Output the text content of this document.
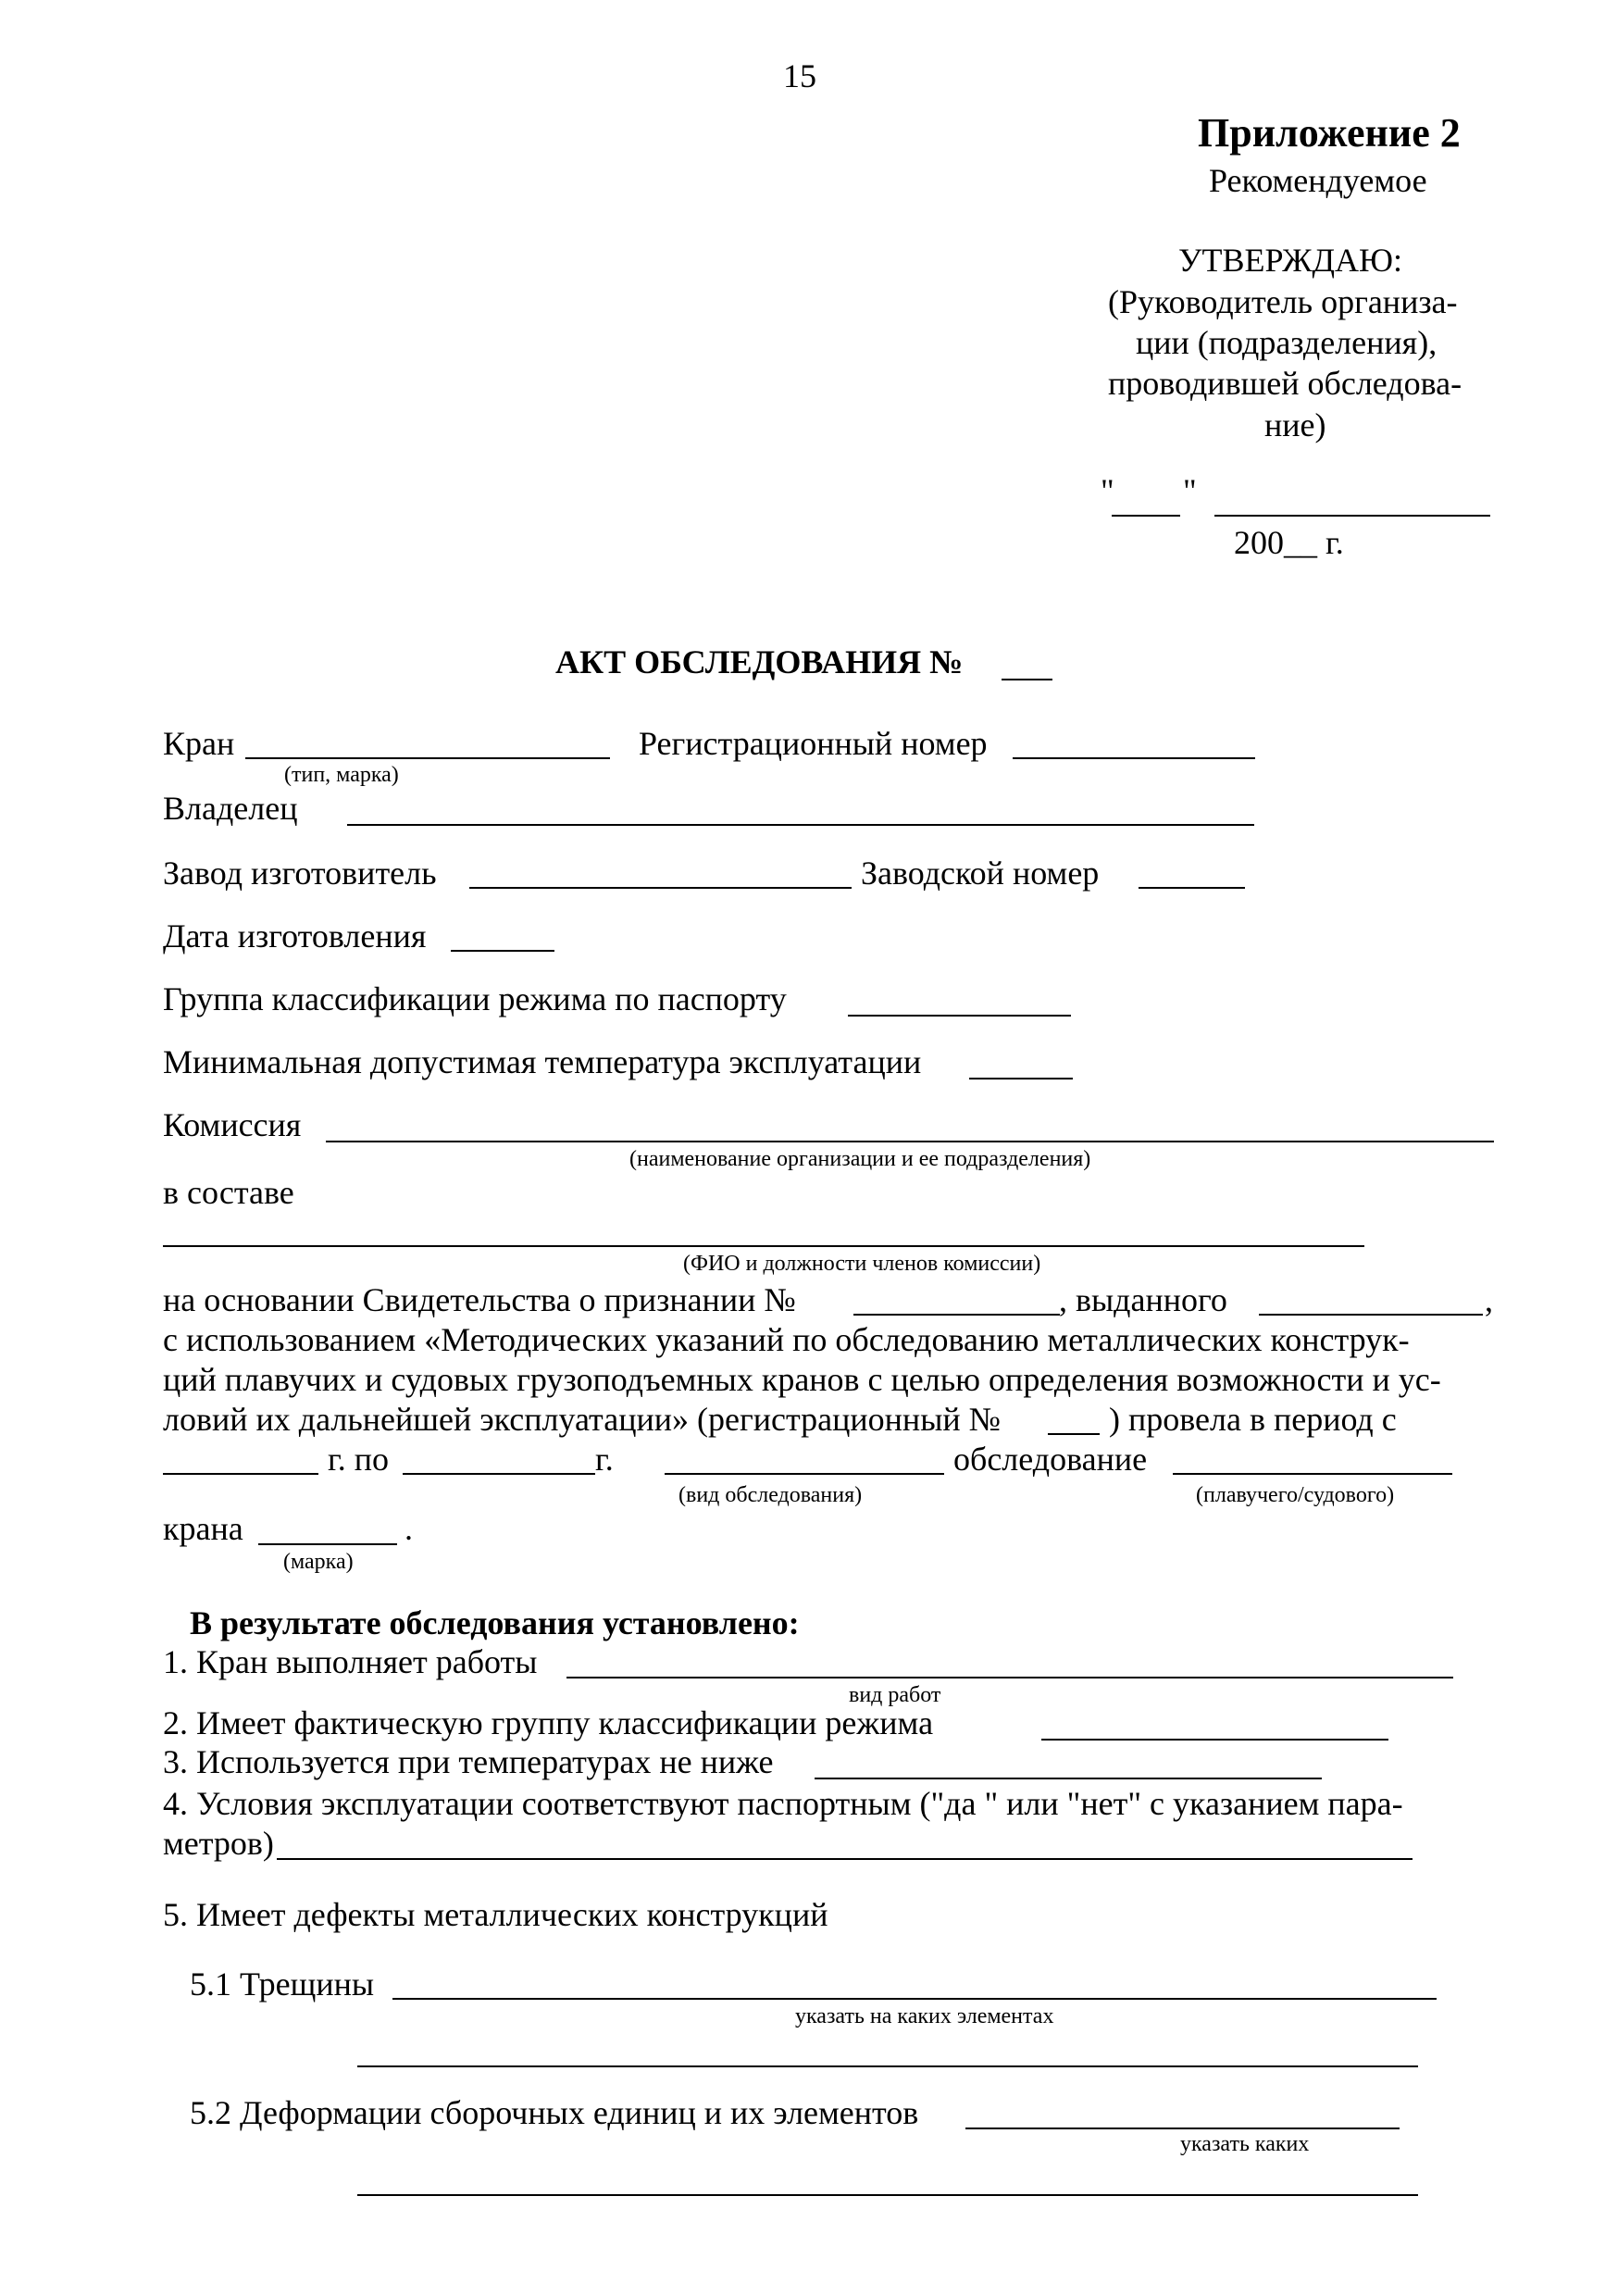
15
Приложение 2
Рекомендуемое
УТВЕРЖДАЮ:
(Руководитель организа-
ции (подразделения),
проводившей обследова-
ние)
" "
200__ г.
АКТ ОБСЛЕДОВАНИЯ №
Кран
(тип, марка)
Регистрационный номер
Владелец
Завод изготовитель	Заводской номер
Дата изготовления
Группа классификации режима по паспорту
Минимальная допустимая температура эксплуатации
Комиссия
(наименование организации и ее подразделения)
в составе
(ФИО и должности членов комиссии)
на основании Свидетельства о признании №	, выданного	,
с использованием «Методических указаний по обследованию металлических конструк-
ций плавучих и судовых грузоподъемных кранов с целью определения возможности и ус-
ловий их дальнейшей эксплуатации» (регистрационный №	) провела в период с
г. по	г.	обследование
(вид обследования)	(плавучего/судового)
крана	.
(марка)
В результате обследования установлено:
1. Кран выполняет работы
вид работ
2. Имеет фактическую группу классификации режима
3. Используется при температурах не ниже
4. Условия эксплуатации соответствуют паспортным ("да " или "нет" с указанием пара-
метров)
5. Имеет дефекты металлических конструкций
5.1 Трещины
указать на каких элементах
5.2 Деформации сборочных единиц и их элементов
указать каких
